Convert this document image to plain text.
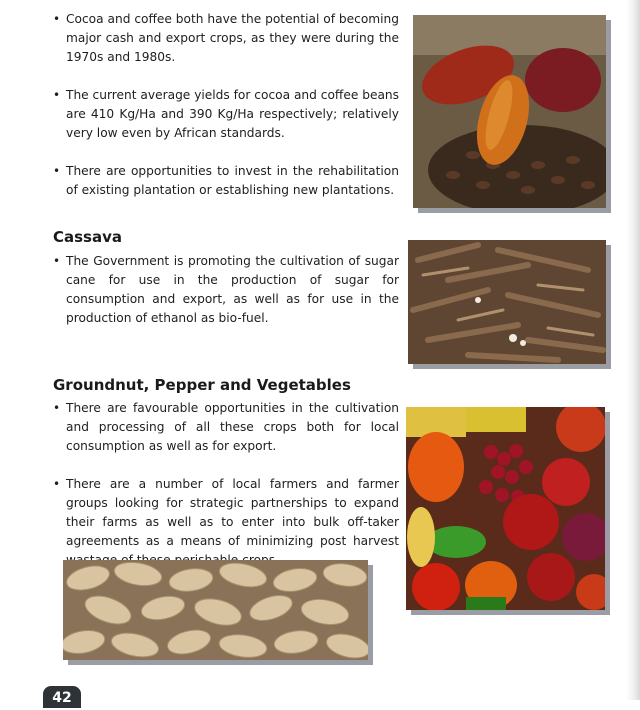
• Cocoa and coffee both have the potential of becoming major cash and export crops, as they were during the 1970s and 1980s.
• The current average yields for cocoa and coffee beans are 410 Kg/Ha and 390 Kg/Ha respectively; relatively very low even by African standards.
• There are opportunities to invest in the rehabilitation of existing plantation or establishing new plantations.
Cassava
• The Government is promoting the cultivation of sugar cane for use in the production of sugar for consumption and export, as well as for use in the production of ethanol as bio-fuel.
Groundnut, Pepper and Vegetables
• There are favourable opportunities in the cultivation and processing of all these crops both for local consumption as well as for export.
• There are a number of local farmers and farmer groups looking for strategic partnerships to expand their farms as well as to enter into bulk off-taker agreements as a means of minimizing post harvest
42
